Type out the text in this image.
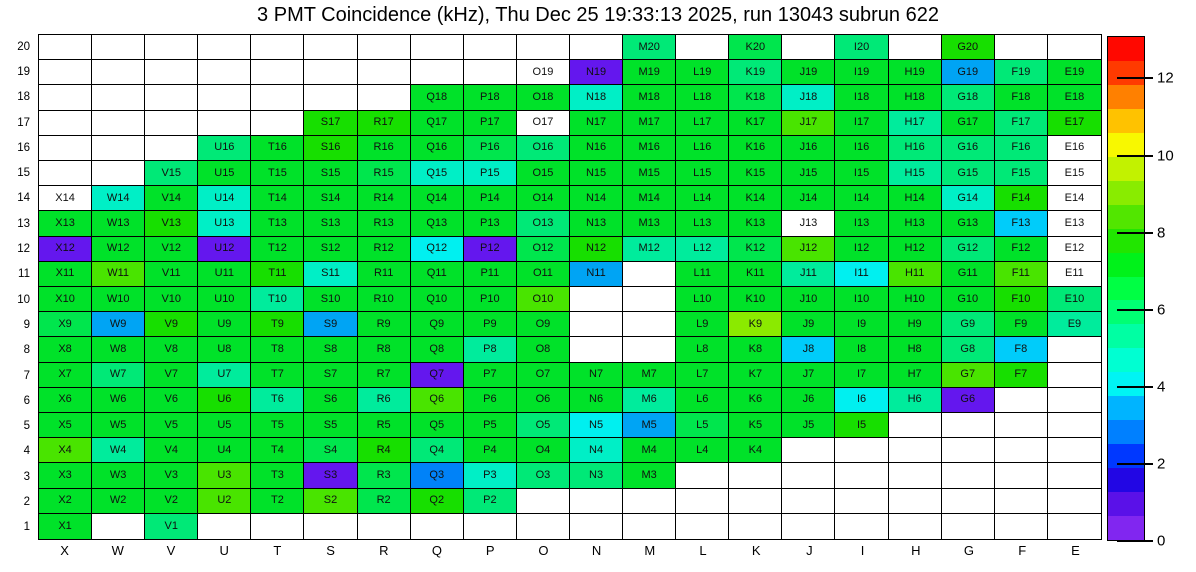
3 PMT Coincidence (kHz), Thu Dec 25 19:33:13 2025, run 13043 subrun 622
20
19
18
17
16
15
14
13
12
11
10
9
8
7
6
5
4
3
2
1
M20	K20	I20	G20
O19	N19	M19	L19	K19	J19	I19	H19	G19	F19	E19
Q18	P18	O18	N18	M18	L18	K18	J18	I18	H18	G18	F18	E18
S17	R17	Q17	P17	O17	N17	M17	L17	K17	J17	I17	H17	G17	F17	E17
U16	T16	S16	R16	Q16	P16	O16	N16	M16	L16	K16	J16	I16	H16	G16	F16	E16
V15	U15	T15	S15	R15	Q15	P15	O15	N15	M15	L15	K15	J15	I15	H15	G15	F15	E15
X14	W14	V14	U14	T14	S14	R14	Q14	P14	O14	N14	M14	L14	K14	J14	I14	H14	G14	F14	E14
X13	W13	V13	U13	T13	S13	R13	Q13	P13	O13	N13	M13	L13	K13	J13	I13	H13	G13	F13	E13
X12	W12	V12	U12	T12	S12	R12	Q12	P12	O12	N12	M12	L12	K12	J12	I12	H12	G12	F12	E12
X11	W11	V11	U11	T11	S11	R11	Q11	P11	O11	N11	L11	K11	J11	I11	H11	G11	F11	E11
X10	W10	V10	U10	T10	S10	R10	Q10	P10	O10	L10	K10	J10	I10	H10	G10	F10	E10
X9	W9	V9	U9	T9	S9	R9	Q9	P9	O9	L9	K9	J9	I9	H9	G9	F9	E9
X8	W8	V8	U8	T8	S8	R8	Q8	P8	O8	L8	K8	J8	I8	H8	G8	F8
X7	W7	V7	U7	T7	S7	R7	Q7	P7	O7	N7	M7	L7	K7	J7	I7	H7	G7	F7
X6	W6	V6	U6	T6	S6	R6	Q6	P6	O6	N6	M6	L6	K6	J6	I6	H6	G6
X5	W5	V5	U5	T5	S5	R5	Q5	P5	O5	N5	M5	L5	K5	J5	I5
X4	W4	V4	U4	T4	S4	R4	Q4	P4	O4	N4	M4	L4	K4
X3	W3	V3	U3	T3	S3	R3	Q3	P3	O3	N3	M3
X2	W2	V2	U2	T2	S2	R2	Q2	P2
X1	V1
X	W	V	U	T	S	R	Q	P	O	N	M	L	K	J	I	H	G	F	E
0
2
4
6
8
10
12
